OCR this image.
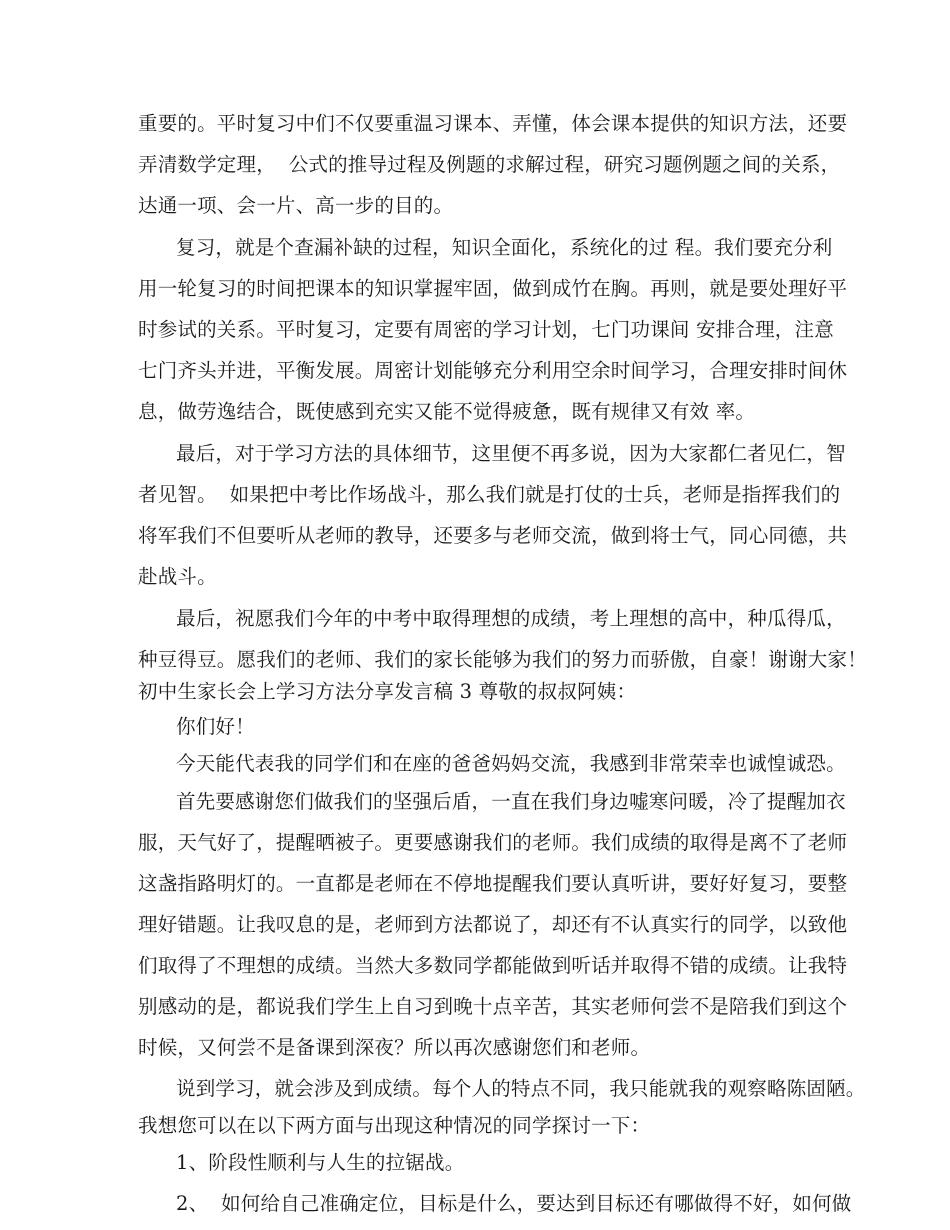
重要的。平时复习中们不仅要重温习课本、弄懂，体会课本提供的知识方法，还要
弄清数学定理，  公式的推导过程及例题的求解过程，研究习题例题之间的关系，
达通一项、会一片、高一步的目的。
复习，就是个查漏补缺的过程，知识全面化，系统化的过 程。我们要充分利
用一轮复习的时间把课本的知识掌握牢固，做到成竹在胸。再则，就是要处理好平
时参试的关系。平时复习，定要有周密的学习计划，七门功课间 安排合理，注意
七门齐头并进，平衡发展。周密计划能够充分利用空余时间学习，合理安排时间休
息，做劳逸结合，既使感到充实又能不觉得疲惫，既有规律又有效 率。
最后，对于学习方法的具体细节，这里便不再多说，因为大家都仁者见仁，智
者见智。  如果把中考比作场战斗，那么我们就是打仗的士兵，老师是指挥我们的
将军我们不但要听从老师的教导，还要多与老师交流，做到将士气，同心同德，共
赴战斗。
最后，祝愿我们今年的中考中取得理想的成绩，考上理想的高中，种瓜得瓜，
种豆得豆。愿我们的老师、我们的家长能够为我们的努力而骄傲，自豪！谢谢大家！
初中生家长会上学习方法分享发言稿 3 尊敬的叔叔阿姨：
你们好！
今天能代表我的同学们和在座的爸爸妈妈交流，我感到非常荣幸也诚惶诚恐。
首先要感谢您们做我们的坚强后盾，一直在我们身边嘘寒问暖，冷了提醒加衣
服，天气好了，提醒晒被子。更要感谢我们的老师。我们成绩的取得是离不了老师
这盏指路明灯的。一直都是老师在不停地提醒我们要认真听讲，要好好复习，要整
理好错题。让我叹息的是，老师到方法都说了，却还有不认真实行的同学，以致他
们取得了不理想的成绩。当然大多数同学都能做到听话并取得不错的成绩。让我特
别感动的是，都说我们学生上自习到晚十点辛苦，其实老师何尝不是陪我们到这个
时候，又何尝不是备课到深夜？所以再次感谢您们和老师。
说到学习，就会涉及到成绩。每个人的特点不同，我只能就我的观察略陈固陋。
我想您可以在以下两方面与出现这种情况的同学探讨一下：
1、阶段性顺利与人生的拉锯战。
2、  如何给自己准确定位，目标是什么，要达到目标还有哪做得不好，如何做
